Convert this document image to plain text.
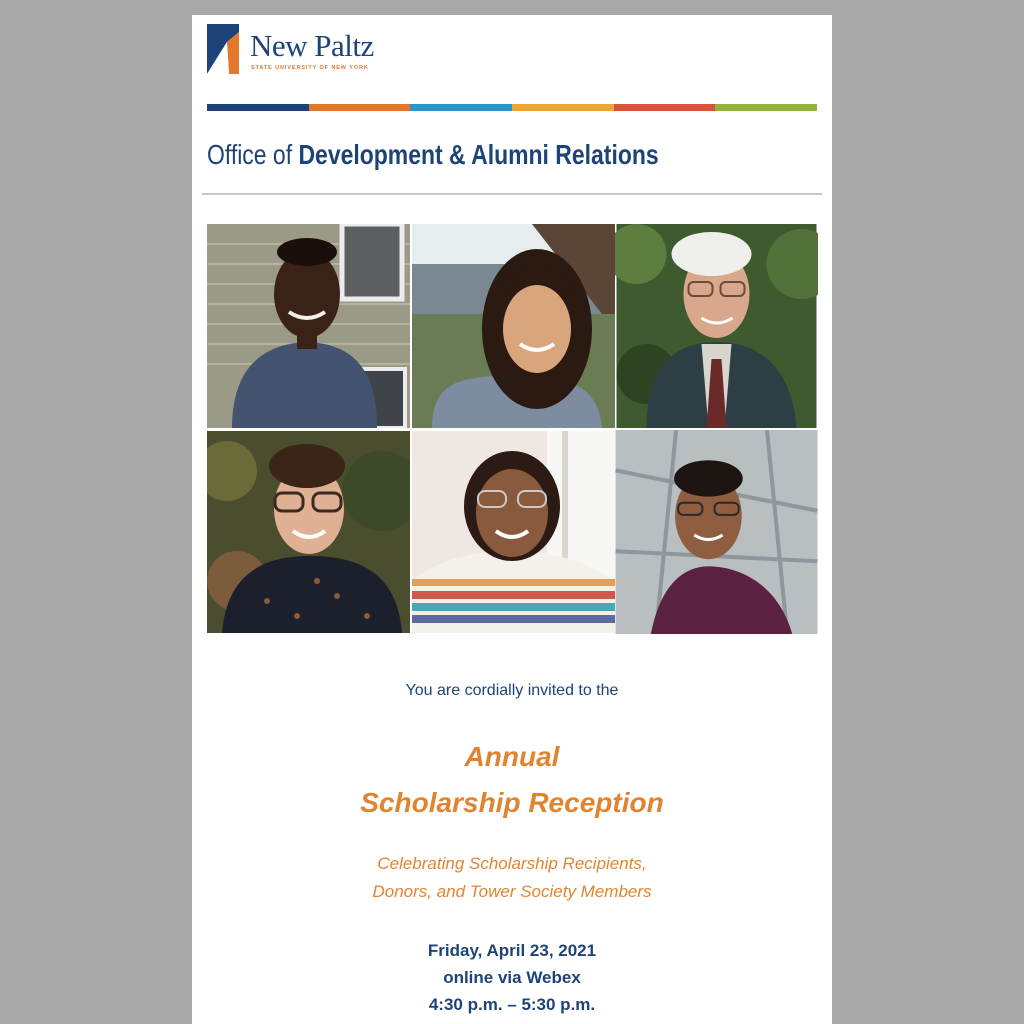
New Paltz
STATE UNIVERSITY OF NEW YORK
Office of Development & Alumni Relations
You are cordially invited to the
Annual
Scholarship Reception
Celebrating Scholarship Recipients,
Donors, and Tower Society Members
Friday, April 23, 2021
online via Webex
4:30 p.m. – 5:30 p.m.
